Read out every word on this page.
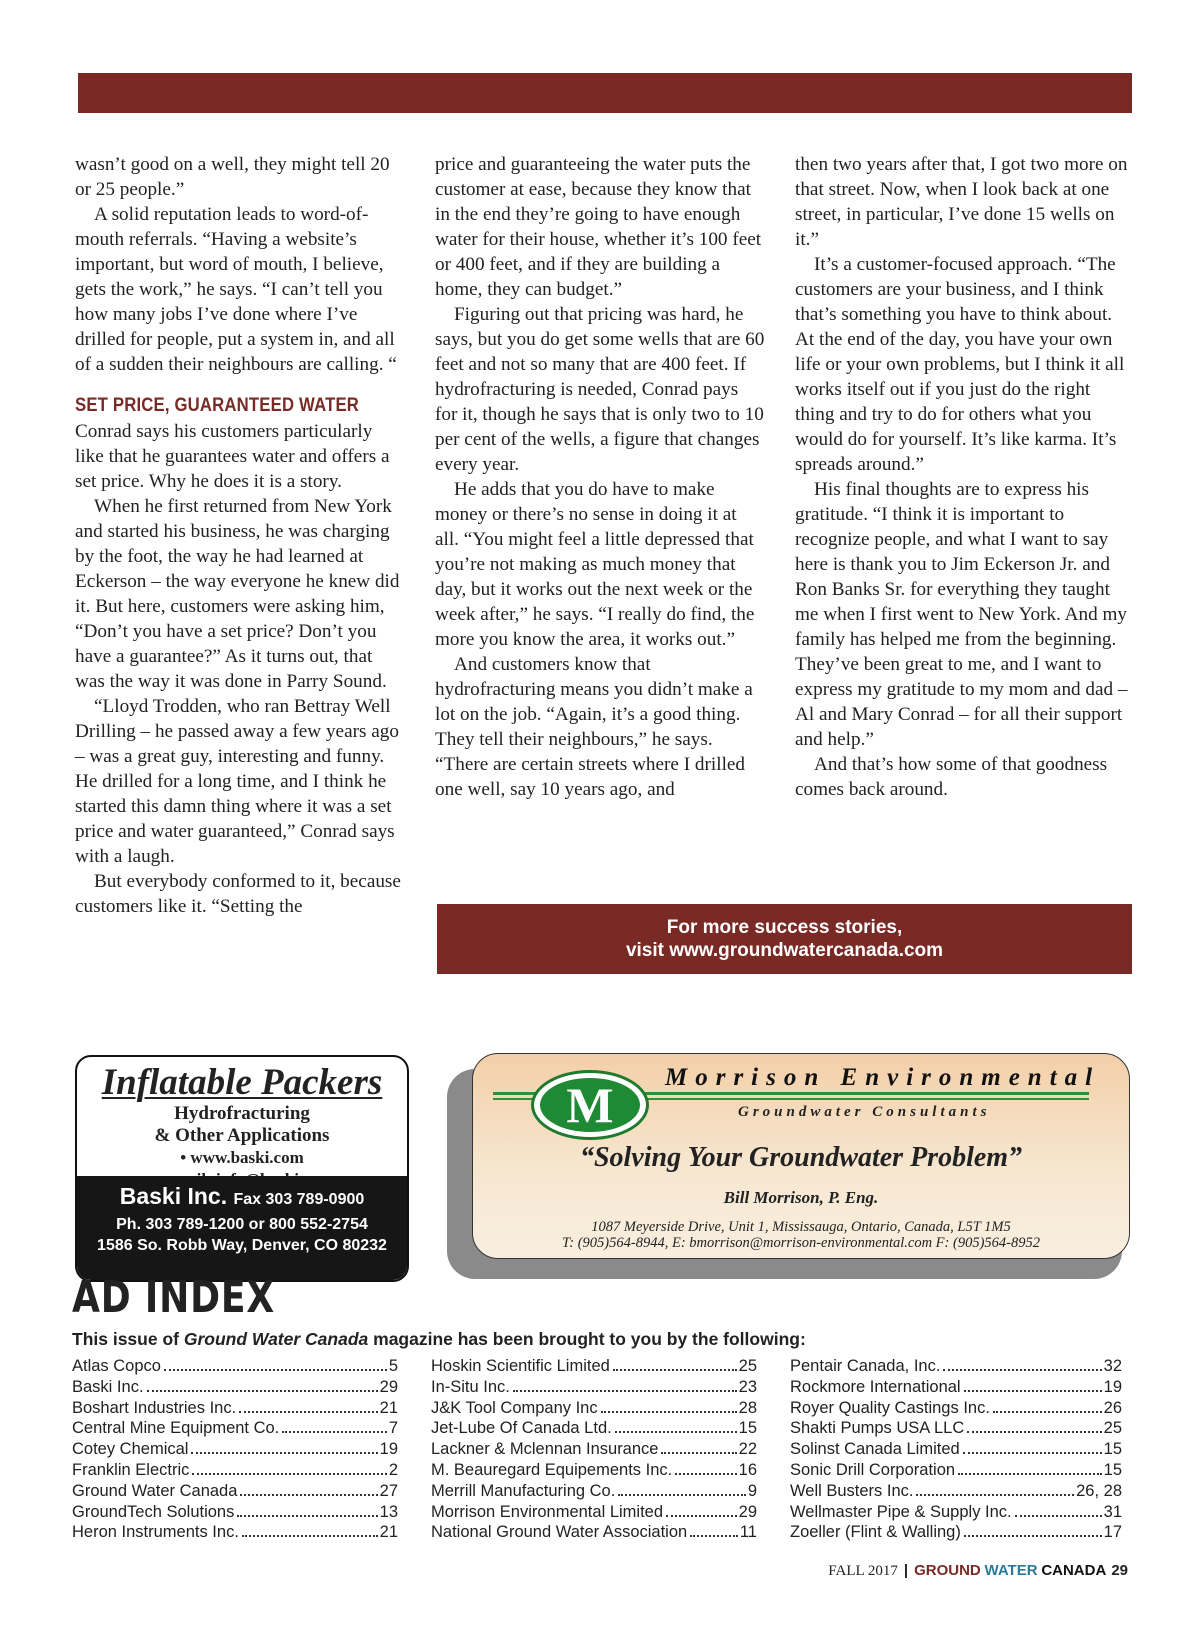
wasn’t good on a well, they might tell 20 or 25 people.”

A solid reputation leads to word-of-mouth referrals. “Having a website’s important, but word of mouth, I believe, gets the work,” he says. “I can’t tell you how many jobs I’ve done where I’ve drilled for people, put a system in, and all of a sudden their neighbours are calling. “

SET PRICE, GUARANTEED WATER

Conrad says his customers particularly like that he guarantees water and offers a set price. Why he does it is a story.

When he first returned from New York and started his business, he was charging by the foot, the way he had learned at Eckerson – the way everyone he knew did it. But here, customers were asking him, “Don’t you have a set price? Don’t you have a guarantee?” As it turns out, that was the way it was done in Parry Sound.

“Lloyd Trodden, who ran Bettray Well Drilling – he passed away a few years ago – was a great guy, interesting and funny. He drilled for a long time, and I think he started this damn thing where it was a set price and water guaranteed,” Conrad says with a laugh.

But everybody conformed to it, because customers like it. “Setting the

price and guaranteeing the water puts the customer at ease, because they know that in the end they’re going to have enough water for their house, whether it’s 100 feet or 400 feet, and if they are building a home, they can budget.”

Figuring out that pricing was hard, he says, but you do get some wells that are 60 feet and not so many that are 400 feet. If hydrofracturing is needed, Conrad pays for it, though he says that is only two to 10 per cent of the wells, a figure that changes every year.

He adds that you do have to make money or there’s no sense in doing it at all. “You might feel a little depressed that you’re not making as much money that day, but it works out the next week or the week after,” he says. “I really do find, the more you know the area, it works out.”

And customers know that hydrofracturing means you didn’t make a lot on the job. “Again, it’s a good thing. They tell their neighbours,” he says. “There are certain streets where I drilled one well, say 10 years ago, and

then two years after that, I got two more on that street. Now, when I look back at one street, in particular, I’ve done 15 wells on it.”

It’s a customer-focused approach. “The customers are your business, and I think that’s something you have to think about. At the end of the day, you have your own life or your own problems, but I think it all works itself out if you just do the right thing and try to do for others what you would do for yourself. It’s like karma. It’s spreads around.”

His final thoughts are to express his gratitude. “I think it is important to recognize people, and what I want to say here is thank you to Jim Eckerson Jr. and Ron Banks Sr. for everything they taught me when I first went to New York. And my family has helped me from the beginning. They’ve been great to me, and I want to express my gratitude to my mom and dad – Al and Mary Conrad – for all their support and help.”

And that’s how some of that goodness comes back around.

For more success stories,
visit www.groundwatercanada.com
Inflatable Packers
Hydrofracturing
& Other Applications
• www.baski.com
Baski Inc. Fax 303 789-0900
Ph. 303 789-1200 or 800 552-2754
1586 So. Robb Way, Denver, CO 80232
M	Morrison Environmental
Groundwater Consultants
“Solving Your Groundwater Problem”
Bill Morrison, P. Eng.
1087 Meyerside Drive, Unit 1, Mississauga, Ontario, Canada, L5T 1M5
T: (905)564-8944, E: bmorrison@morrison-environmental.com F: (905)564-8952
AD INDEX
This issue of Ground Water Canada magazine has been brought to you by the following:
Atlas Copco	5
Baski Inc.	29
Boshart Industries Inc.	21
Central Mine Equipment Co.	7
Cotey Chemical	19
Franklin Electric	2
Ground Water Canada	27
GroundTech Solutions	13
Heron Instruments Inc.	21
Hoskin Scientific Limited	25
In-Situ Inc.	23
J&K Tool Company Inc	28
Jet-Lube Of Canada Ltd.	15
Lackner & Mclennan Insurance	22
M. Beauregard Equipements Inc.	16
Merrill Manufacturing Co.	9
Morrison Environmental Limited	29
National Ground Water Association	11
Pentair Canada, Inc.	32
Rockmore International	19
Royer Quality Castings Inc.	26
Shakti Pumps USA LLC	25
Solinst Canada Limited	15
Sonic Drill Corporation	15
Well Busters Inc.	26, 28
Wellmaster Pipe & Supply Inc.	31
Zoeller (Flint & Walling)	17
FALL 2017 | GROUND WATER CANADA 29
